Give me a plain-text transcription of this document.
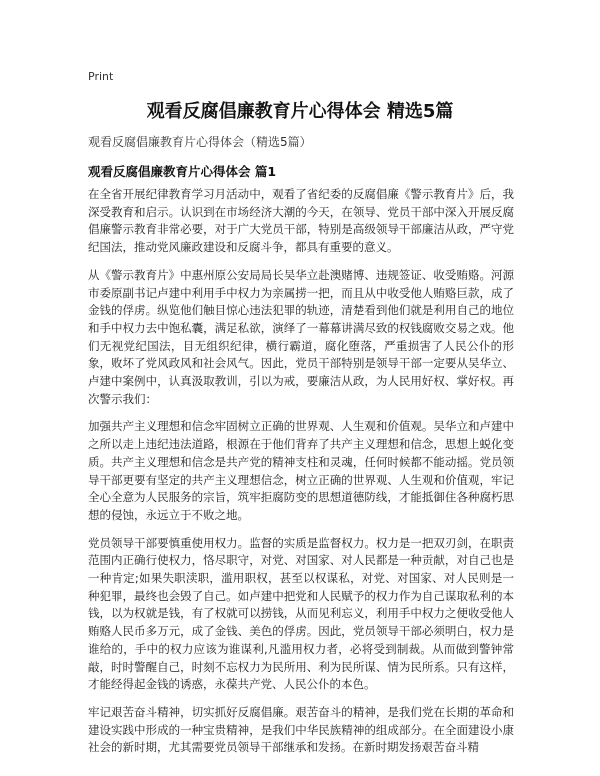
Print
观看反腐倡廉教育片心得体会 精选5篇
观看反腐倡廉教育片心得体会（精选5篇）
观看反腐倡廉教育片心得体会 篇1

在全省开展纪律教育学习月活动中，观看了省纪委的反腐倡廉《警示教育片》后，我深受教育和启示。认识到在市场经济大潮的今天，在领导、党员干部中深入开展反腐倡廉警示教育非常必要，对于广大党员干部，特别是高级领导干部廉洁从政，严守党纪国法，推动党风廉政建设和反腐斗争，都具有重要的意义。

从《警示教育片》中惠州原公安局局长吴华立赴澳赌博、违规签证、收受贿赂。河源市委原副书记卢建中利用手中权力为亲属捞一把，而且从中收受他人贿赂巨款，成了金钱的俘虏。纵览他们触目惊心违法犯罪的轨迹，清楚看到他们就是利用自己的地位和手中权力去中饱私囊，满足私欲，演绎了一幕幕讲满尽致的权钱腐败交易之戏。他们无视党纪国法，目无组织纪律，横行霸道，腐化堕落，严重损害了人民公仆的形象，败坏了党风政风和社会风气。因此，党员干部特别是领导干部一定要从吴华立、卢建中案例中，认真汲取教训，引以为戒，要廉洁从政，为人民用好权、掌好权。再次警示我们：

加强共产主义理想和信念牢固树立正确的世界观、人生观和价值观。吴华立和卢建中之所以走上违纪违法道路，根源在于他们背弃了共产主义理想和信念，思想上蜕化变质。共产主义理想和信念是共产党的精神支柱和灵魂，任何时候都不能动摇。党员领导干部更要有坚定的共产主义理想信念，树立正确的世界观、人生观和价值观，牢记全心全意为人民服务的宗旨，筑牢拒腐防变的思想道德防线，才能抵御住各种腐朽思想的侵蚀，永远立于不败之地。

党员领导干部要慎重使用权力。监督的实质是监督权力。权力是一把双刃剑，在职责范围内正确行使权力，恪尽职守，对党、对国家、对人民都是一种贡献，对自己也是一种肯定;如果失职渎职，滥用职权，甚至以权谋私，对党、对国家、对人民则是一种犯罪，最终也会毁了自己。如卢建中把党和人民赋予的权力作为自己谋取私利的本钱，以为权就是钱，有了权就可以捞钱，从而见利忘义，利用手中权力之便收受他人贿赂人民币多万元，成了金钱、美色的俘虏。因此，党员领导干部必须明白，权力是谁给的，手中的权力应该为谁谋利,凡滥用权力者，必将受到制裁。从而做到警钟常敲，时时警醒自己，时刻不忘权力为民所用、利为民所谋、情为民所系。只有这样，才能经得起金钱的诱惑，永葆共产党、人民公仆的本色。

牢记艰苦奋斗精神，切实抓好反腐倡廉。艰苦奋斗的精神，是我们党在长期的革命和建设实践中形成的一种宝贵精神，是我们中华民族精神的组成部分。在全面建设小康社会的新时期，尤其需要党员领导干部继承和发扬。在新时期发扬艰苦奋斗精
